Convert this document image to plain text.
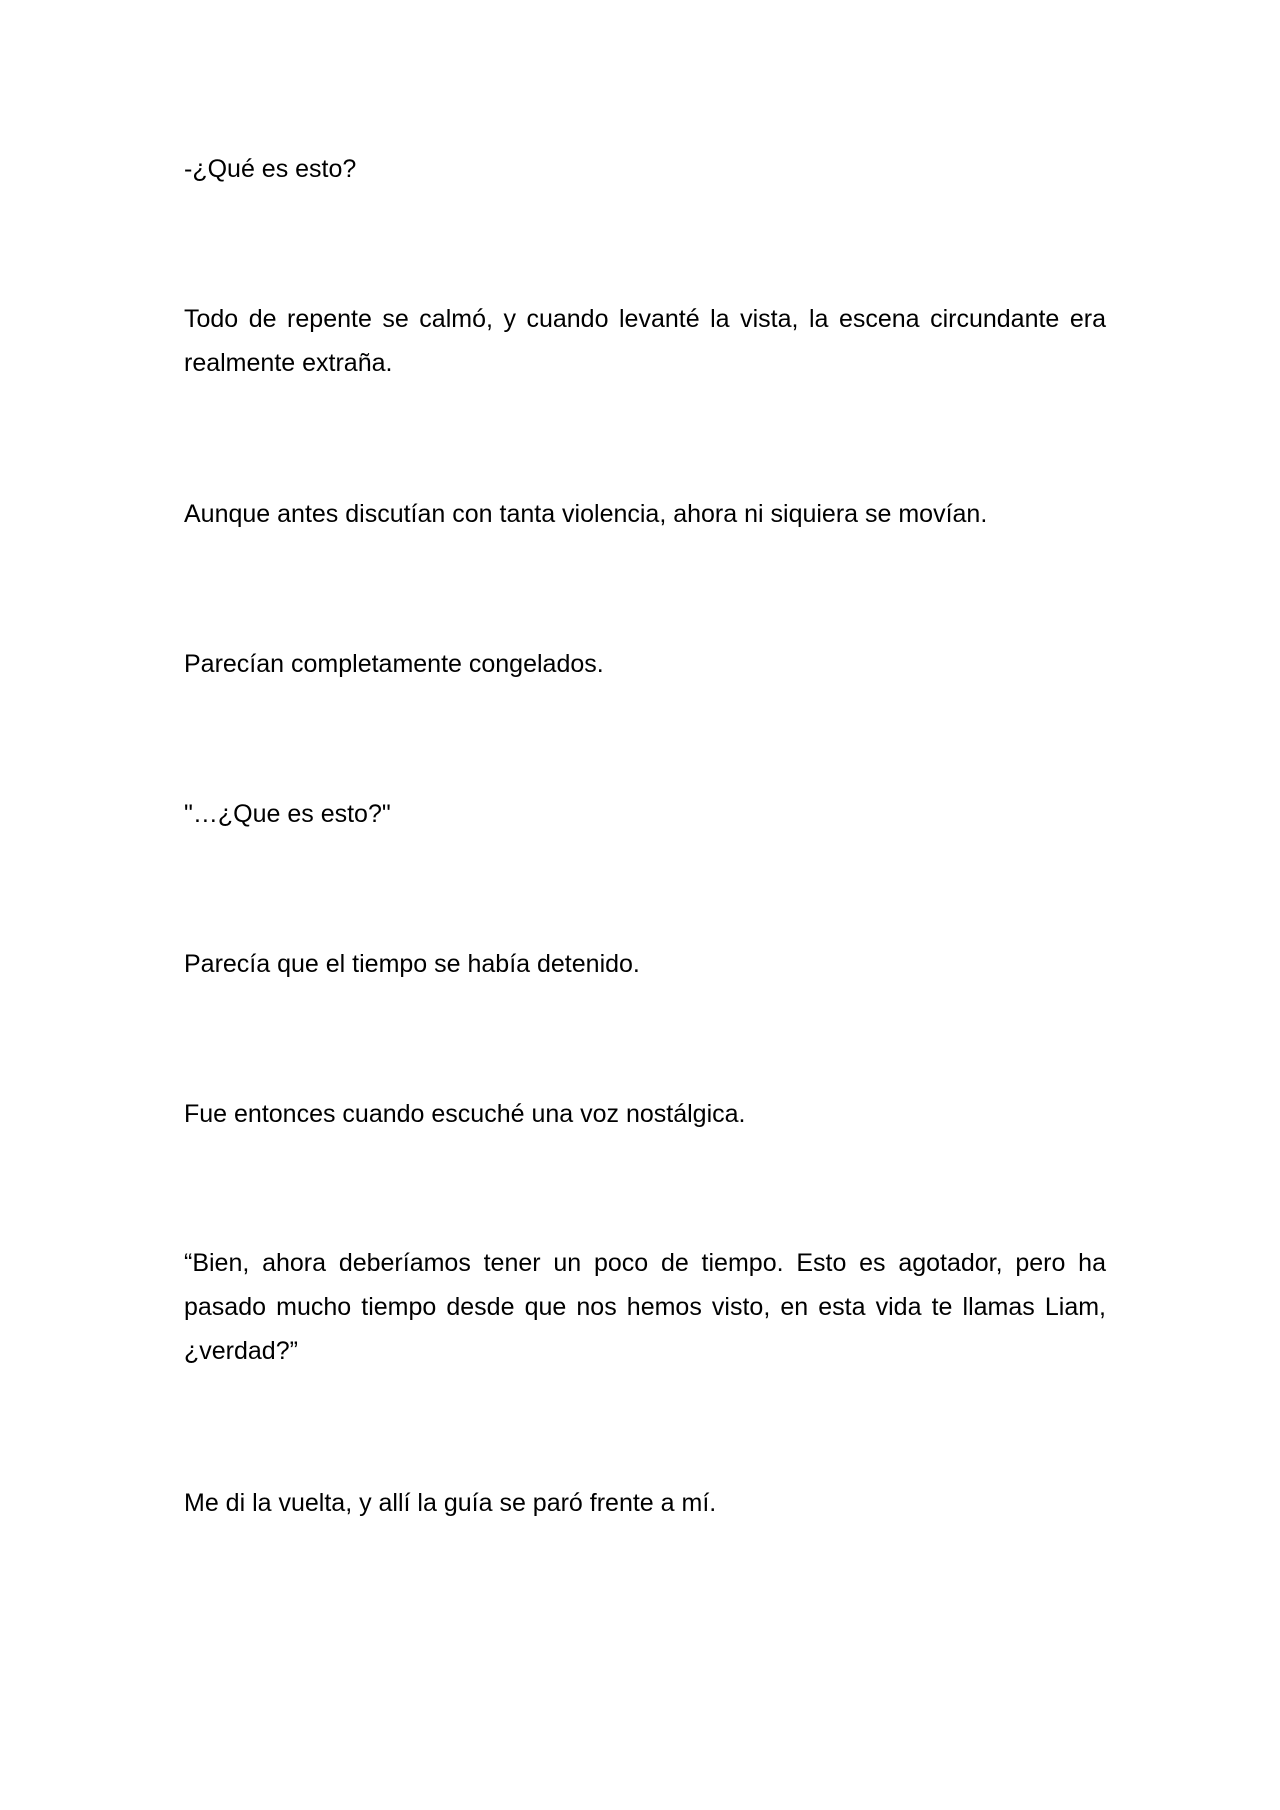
-¿Qué es esto?

Todo de repente se calmó, y cuando levanté la vista, la escena circundante era realmente extraña.

Aunque antes discutían con tanta violencia, ahora ni siquiera se movían.

Parecían completamente congelados.

"…¿Que es esto?"

Parecía que el tiempo se había detenido.

Fue entonces cuando escuché una voz nostálgica.

“Bien, ahora deberíamos tener un poco de tiempo. Esto es agotador, pero ha pasado mucho tiempo desde que nos hemos visto, en esta vida te llamas Liam, ¿verdad?”

Me di la vuelta, y allí la guía se paró frente a mí.
